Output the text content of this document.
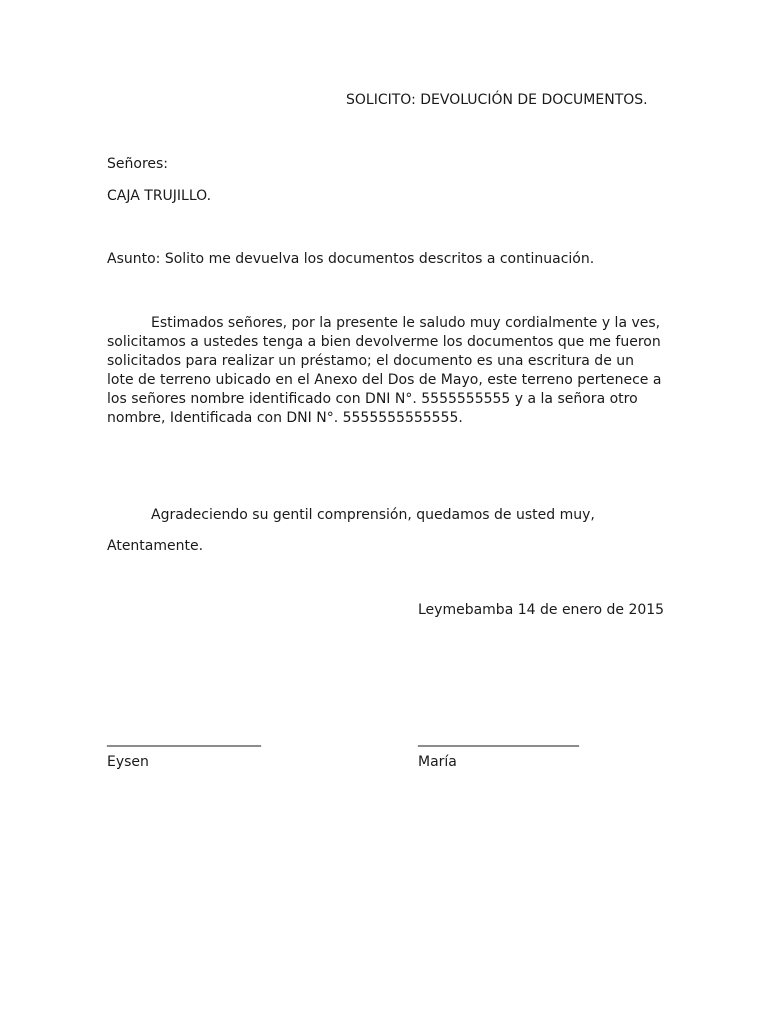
SOLICITO: DEVOLUCIÓN DE DOCUMENTOS.
Señores:
CAJA TRUJILLO.
Asunto: Solito me devuelva los documentos descritos a continuación.
Estimados señores, por la presente le saludo muy cordialmente y la ves,
solicitamos a ustedes tenga a bien devolverme los documentos que me fueron
solicitados para realizar un préstamo; el documento es una escritura de un
lote de terreno ubicado en el Anexo del Dos de Mayo, este terreno pertenece a
los señores nombre identificado con DNI N°. 5555555555 y a la señora otro
nombre, Identificada con DNI N°. 5555555555555.
Agradeciendo su gentil comprensión, quedamos de usted muy,
Atentamente.
Leymebamba 14 de enero de 2015
______________________	_______________________
Eysen	María
